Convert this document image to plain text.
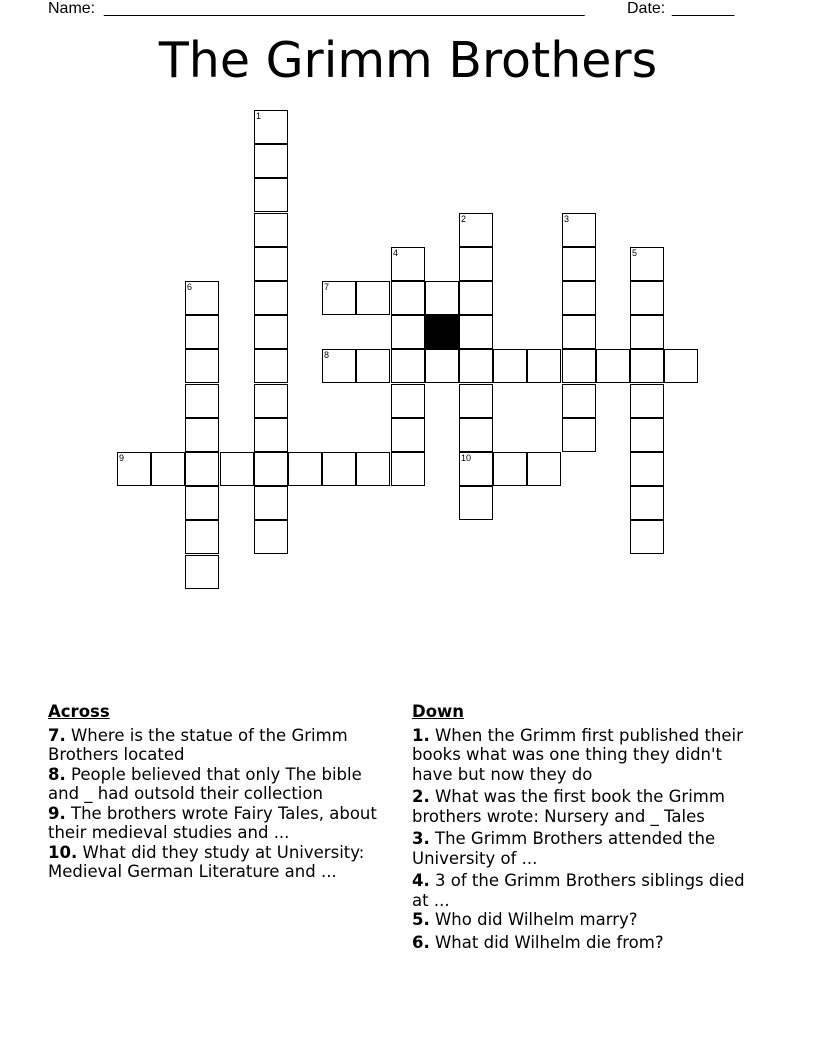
Name: ______________________________________________________	Date: _______
The Grimm Brothers
1
2
10
3
4	5
6	7
8
9
Across
7. Where is the statue of the Grimm Brothers located
8. People believed that only The bible and _ had outsold their collection
9. The brothers wrote Fairy Tales, about their medieval studies and ...
10. What did they study at University: Medieval German Literature and ...
Down
1. When the Grimm first published their books what was one thing they didn't have but now they do
2. What was the first book the Grimm brothers wrote: Nursery and _ Tales
3. The Grimm Brothers attended the University of ...
4. 3 of the Grimm Brothers siblings died at ...
5. Who did Wilhelm marry?
6. What did Wilhelm die from?
